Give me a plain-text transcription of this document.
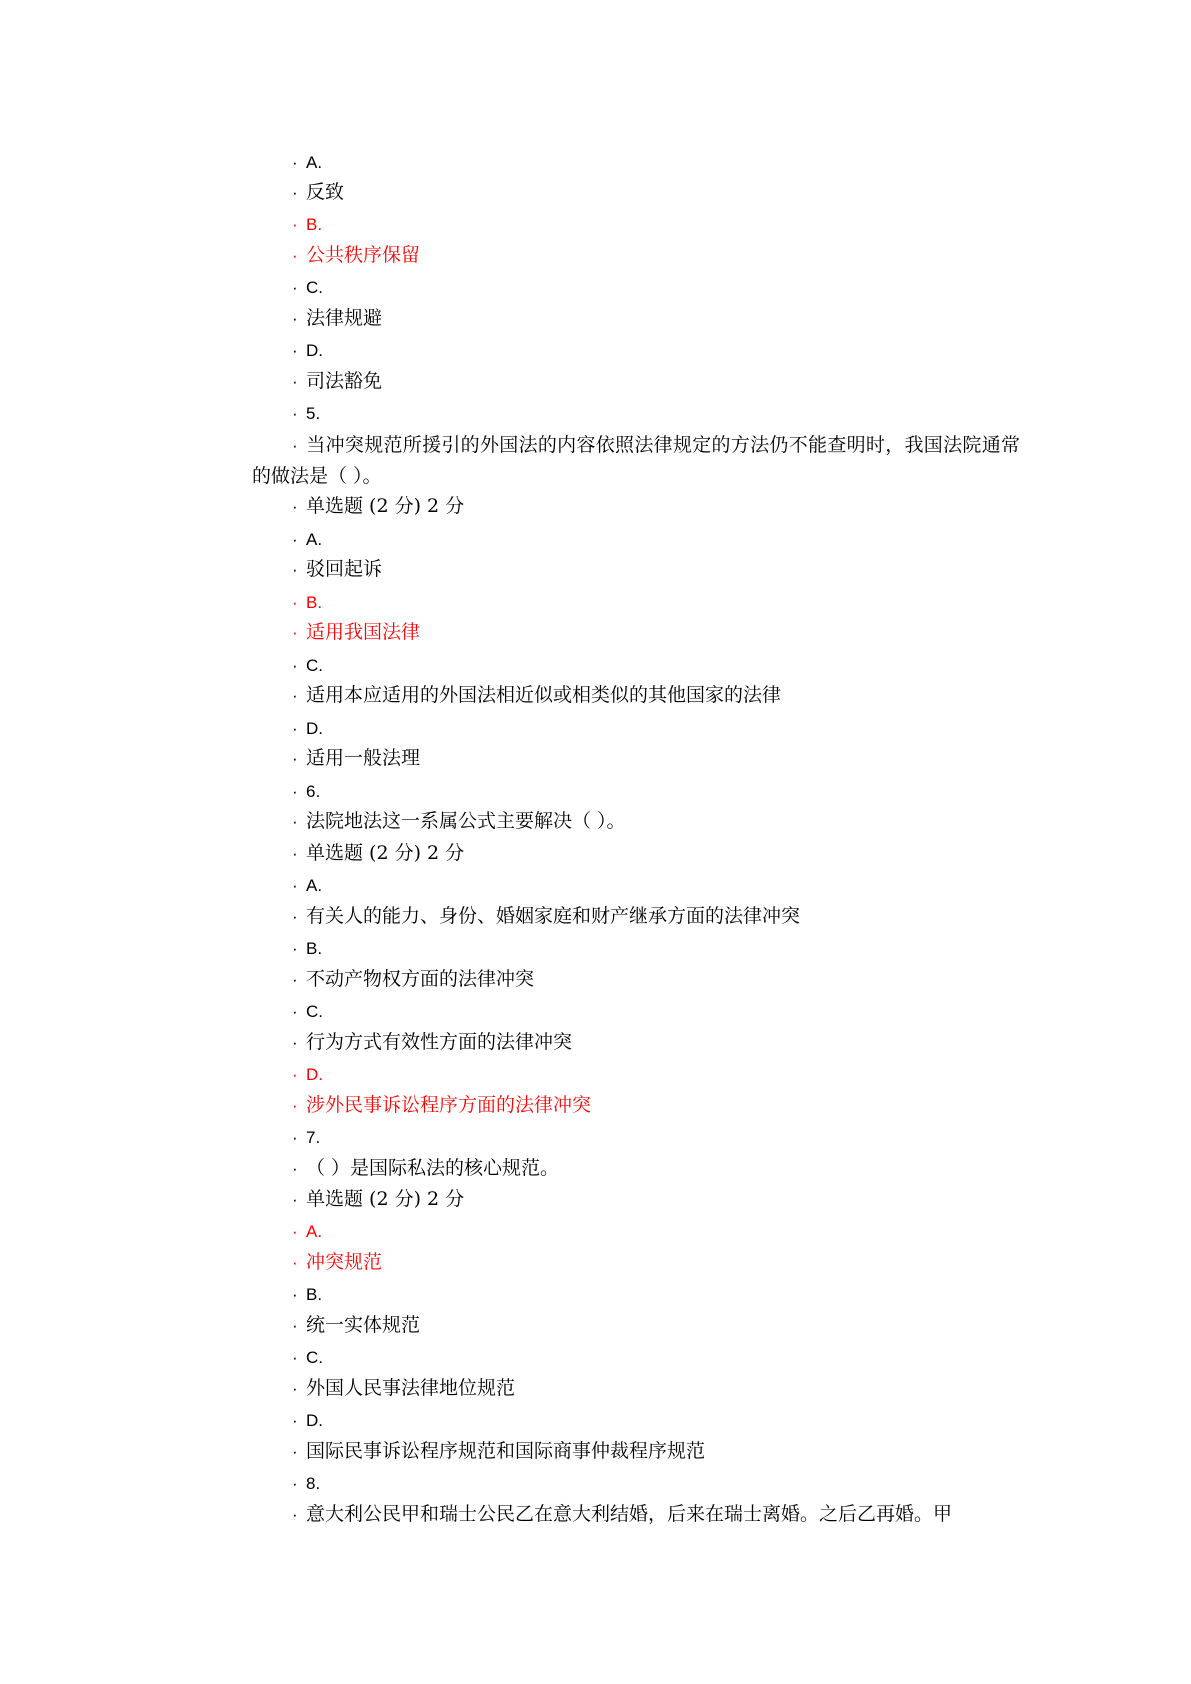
· A.
· 反致
· B.
· 公共秩序保留
· C.
· 法律规避
· D.
· 司法豁免
· 5.
· 当冲突规范所援引的外国法的内容依照法律规定的方法仍不能查明时，我国法院通常的做法是（ ）。
· 单选题 (2 分) 2 分
· A.
· 驳回起诉
· B.
· 适用我国法律
· C.
· 适用本应适用的外国法相近似或相类似的其他国家的法律
· D.
· 适用一般法理
· 6.
· 法院地法这一系属公式主要解决（ ）。
· 单选题 (2 分) 2 分
· A.
· 有关人的能力、身份、婚姻家庭和财产继承方面的法律冲突
· B.
· 不动产物权方面的法律冲突
· C.
· 行为方式有效性方面的法律冲突
· D.
· 涉外民事诉讼程序方面的法律冲突
· 7.
· （ ）是国际私法的核心规范。
· 单选题 (2 分) 2 分
· A.
· 冲突规范
· B.
· 统一实体规范
· C.
· 外国人民事法律地位规范
· D.
· 国际民事诉讼程序规范和国际商事仲裁程序规范
· 8.
· 意大利公民甲和瑞士公民乙在意大利结婚，后来在瑞士离婚。之后乙再婚。甲
